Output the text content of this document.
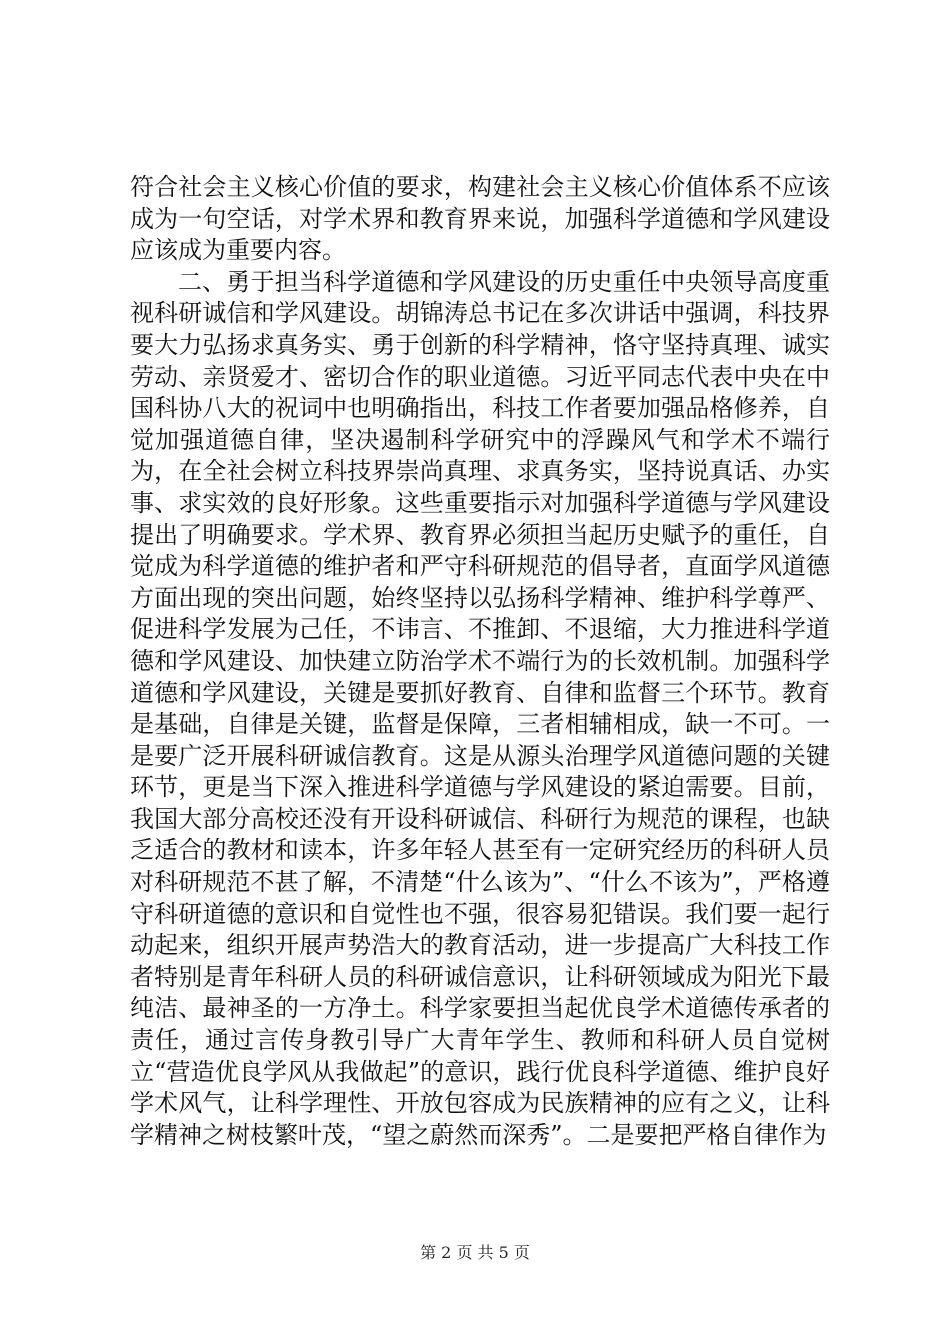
符合社会主义核心价值的要求，构建社会主义核心价值体系不应该成为一句空话，对学术界和教育界来说，加强科学道德和学风建设应该成为重要内容。

二、勇于担当科学道德和学风建设的历史重任中央领导高度重视科研诚信和学风建设。胡锦涛总书记在多次讲话中强调，科技界要大力弘扬求真务实、勇于创新的科学精神，恪守坚持真理、诚实劳动、亲贤爱才、密切合作的职业道德。习近平同志代表中央在中国科协八大的祝词中也明确指出，科技工作者要加强品格修养，自觉加强道德自律，坚决遏制科学研究中的浮躁风气和学术不端行为，在全社会树立科技界崇尚真理、求真务实，坚持说真话、办实事、求实效的良好形象。这些重要指示对加强科学道德与学风建设提出了明确要求。学术界、教育界必须担当起历史赋予的重任，自觉成为科学道德的维护者和严守科研规范的倡导者，直面学风道德方面出现的突出问题，始终坚持以弘扬科学精神、维护科学尊严、促进科学发展为己任，不讳言、不推卸、不退缩，大力推进科学道德和学风建设、加快建立防治学术不端行为的长效机制。加强科学道德和学风建设，关键是要抓好教育、自律和监督三个环节。教育是基础，自律是关键，监督是保障，三者相辅相成，缺一不可。一是要广泛开展科研诚信教育。这是从源头治理学风道德问题的关键环节，更是当下深入推进科学道德与学风建设的紧迫需要。目前，我国大部分高校还没有开设科研诚信、科研行为规范的课程，也缺乏适合的教材和读本，许多年轻人甚至有一定研究经历的科研人员对科研规范不甚了解，不清楚“什么该为”、“什么不该为”，严格遵守科研道德的意识和自觉性也不强，很容易犯错误。我们要一起行动起来，组织开展声势浩大的教育活动，进一步提高广大科技工作者特别是青年科研人员的科研诚信意识，让科研领域成为阳光下最纯洁、最神圣的一方净土。科学家要担当起优良学术道德传承者的责任，通过言传身教引导广大青年学生、教师和科研人员自觉树立“营造优良学风从我做起”的意识，践行优良科学道德、维护良好学术风气，让科学理性、开放包容成为民族精神的应有之义，让科学精神之树枝繁叶茂，“望之蔚然而深秀”。二是要把严格自律作为

第 2 页 共 5 页
